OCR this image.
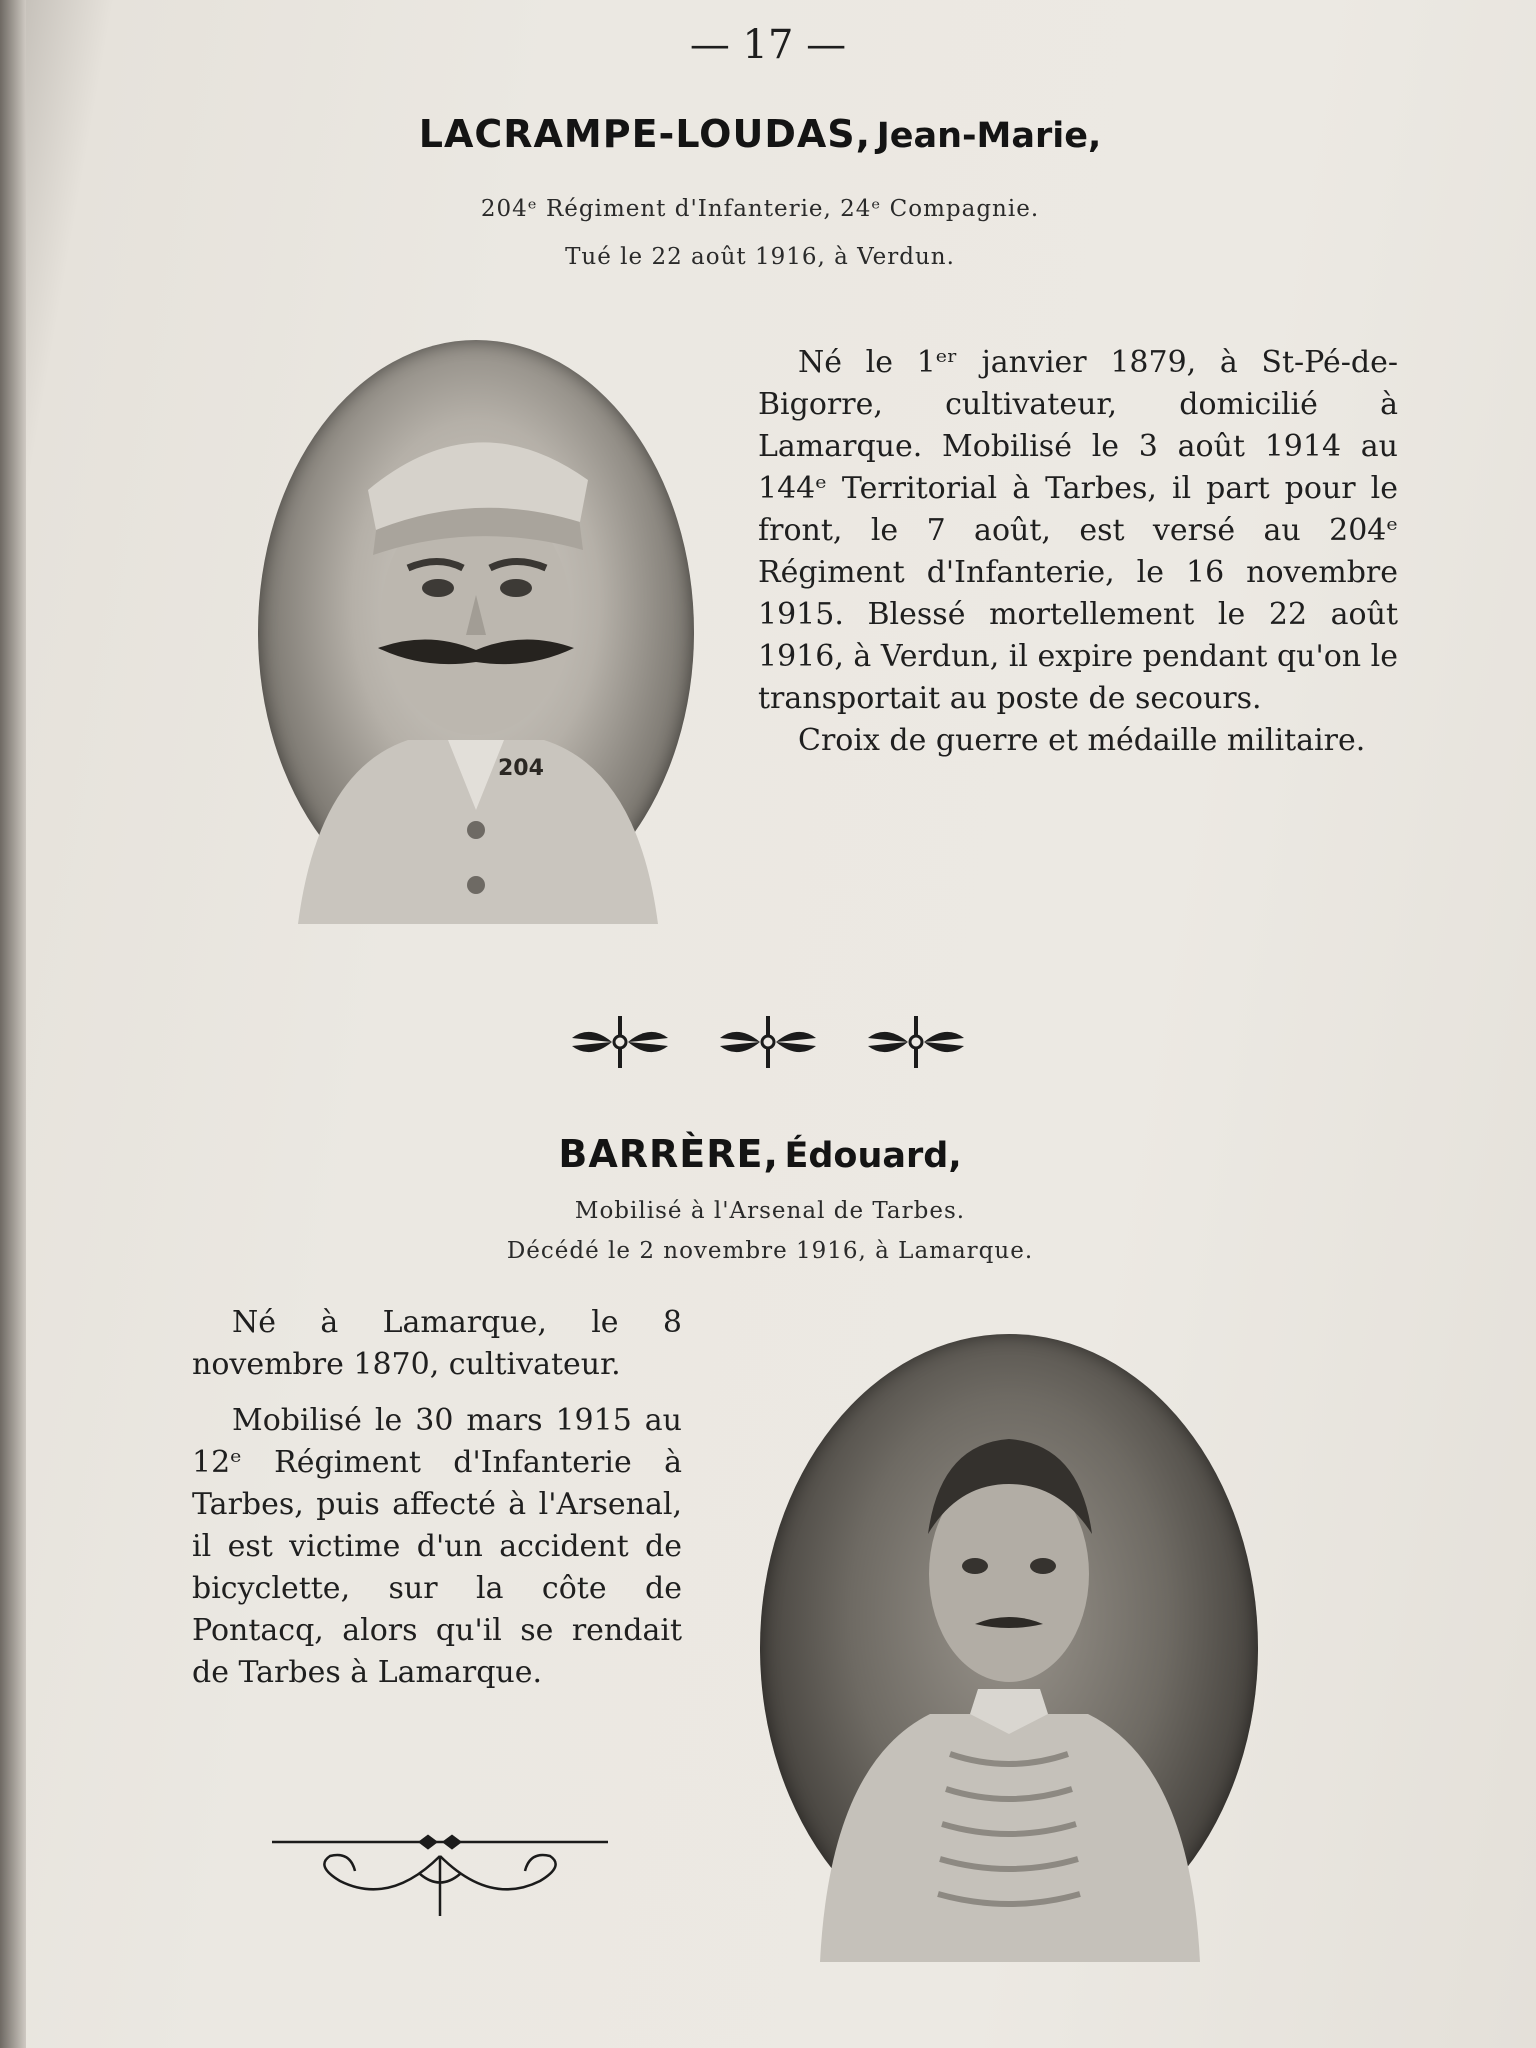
— 17 —
LACRAMPE-LOUDAS, Jean-Marie,
204ᵉ Régiment d'Infanterie, 24ᵉ Compagnie.
Tué le 22 août 1916, à Verdun.
204

Né le 1ᵉʳ janvier 1879, à St-Pé-de-Bigorre, cultivateur, domicilié à Lamarque. Mobilisé le 3 août 1914 au 144ᵉ Territorial à Tarbes, il part pour le front, le 7 août, est versé au 204ᵉ Régiment d'Infanterie, le 16 novembre 1915. Blessé mortellement le 22 août 1916, à Verdun, il expire pendant qu'on le transportait au poste de secours.

Croix de guerre et médaille militaire.

BARRÈRE, Édouard,
Mobilisé à l'Arsenal de Tarbes.
Décédé le 2 novembre 1916, à Lamarque.

Né à Lamarque, le 8 novembre 1870, cultivateur.

Mobilisé le 30 mars 1915 au 12ᵉ Régiment d'Infanterie à Tarbes, puis affecté à l'Arsenal, il est victime d'un accident de bicyclette, sur la côte de Pontacq, alors qu'il se rendait de Tarbes à Lamarque.
